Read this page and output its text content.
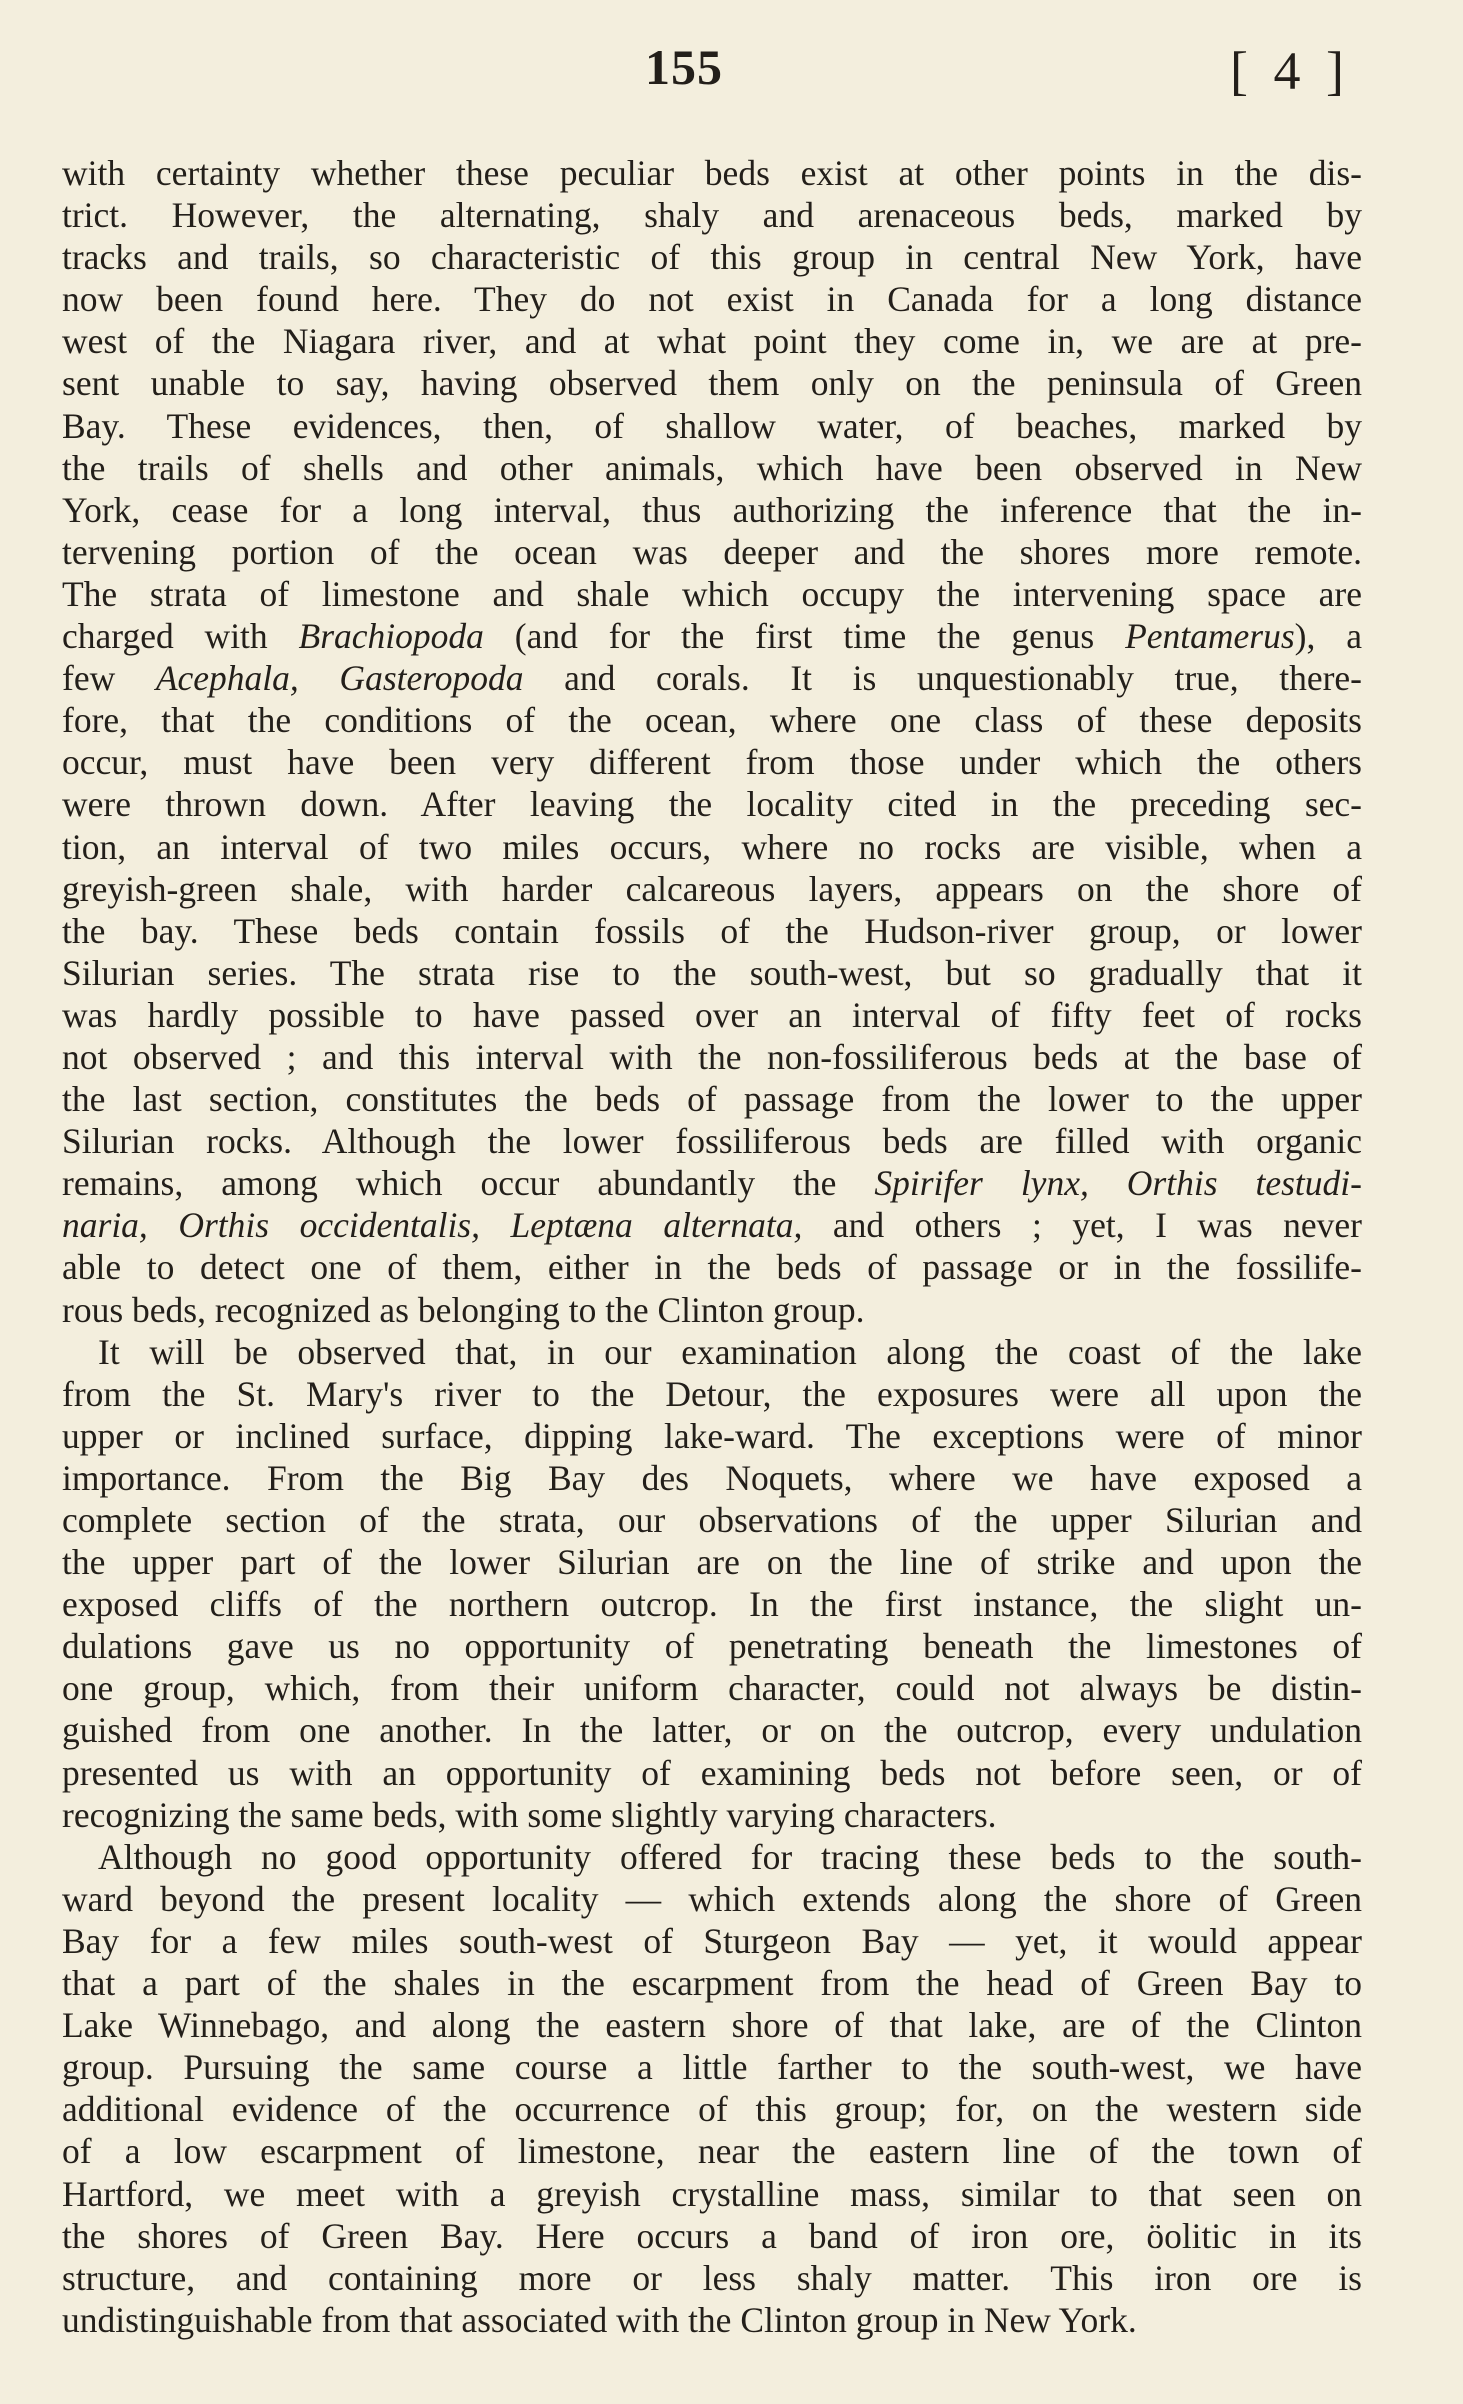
155	[ 4 ]
with certainty whether these peculiar beds exist at other points in the dis-
trict. However, the alternating, shaly and arenaceous beds, marked by
tracks and trails, so characteristic of this group in central New York, have
now been found here. They do not exist in Canada for a long distance
west of the Niagara river, and at what point they come in, we are at pre-
sent unable to say, having observed them only on the peninsula of Green
Bay. These evidences, then, of shallow water, of beaches, marked by
the trails of shells and other animals, which have been observed in New
York, cease for a long interval, thus authorizing the inference that the in-
tervening portion of the ocean was deeper and the shores more remote.
The strata of limestone and shale which occupy the intervening space are
charged with Brachiopoda (and for the first time the genus Pentamerus), a
few Acephala, Gasteropoda and corals. It is unquestionably true, there-
fore, that the conditions of the ocean, where one class of these deposits
occur, must have been very different from those under which the others
were thrown down. After leaving the locality cited in the preceding sec-
tion, an interval of two miles occurs, where no rocks are visible, when a
greyish-green shale, with harder calcareous layers, appears on the shore of
the bay. These beds contain fossils of the Hudson-river group, or lower
Silurian series. The strata rise to the south-west, but so gradually that it
was hardly possible to have passed over an interval of fifty feet of rocks
not observed ; and this interval with the non-fossiliferous beds at the base of
the last section, constitutes the beds of passage from the lower to the upper
Silurian rocks. Although the lower fossiliferous beds are filled with organic
remains, among which occur abundantly the Spirifer lynx, Orthis testudi-
naria, Orthis occidentalis, Leptæna alternata, and others ; yet, I was never
able to detect one of them, either in the beds of passage or in the fossilife-
rous beds, recognized as belonging to the Clinton group.
It will be observed that, in our examination along the coast of the lake
from the St. Mary's river to the Detour, the exposures were all upon the
upper or inclined surface, dipping lake-ward. The exceptions were of minor
importance. From the Big Bay des Noquets, where we have exposed a
complete section of the strata, our observations of the upper Silurian and
the upper part of the lower Silurian are on the line of strike and upon the
exposed cliffs of the northern outcrop. In the first instance, the slight un-
dulations gave us no opportunity of penetrating beneath the limestones of
one group, which, from their uniform character, could not always be distin-
guished from one another. In the latter, or on the outcrop, every undulation
presented us with an opportunity of examining beds not before seen, or of
recognizing the same beds, with some slightly varying characters.
Although no good opportunity offered for tracing these beds to the south-
ward beyond the present locality — which extends along the shore of Green
Bay for a few miles south-west of Sturgeon Bay — yet, it would appear
that a part of the shales in the escarpment from the head of Green Bay to
Lake Winnebago, and along the eastern shore of that lake, are of the Clinton
group. Pursuing the same course a little farther to the south-west, we have
additional evidence of the occurrence of this group; for, on the western side
of a low escarpment of limestone, near the eastern line of the town of
Hartford, we meet with a greyish crystalline mass, similar to that seen on
the shores of Green Bay. Here occurs a band of iron ore, öolitic in its
structure, and containing more or less shaly matter. This iron ore is
undistinguishable from that associated with the Clinton group in New York.
